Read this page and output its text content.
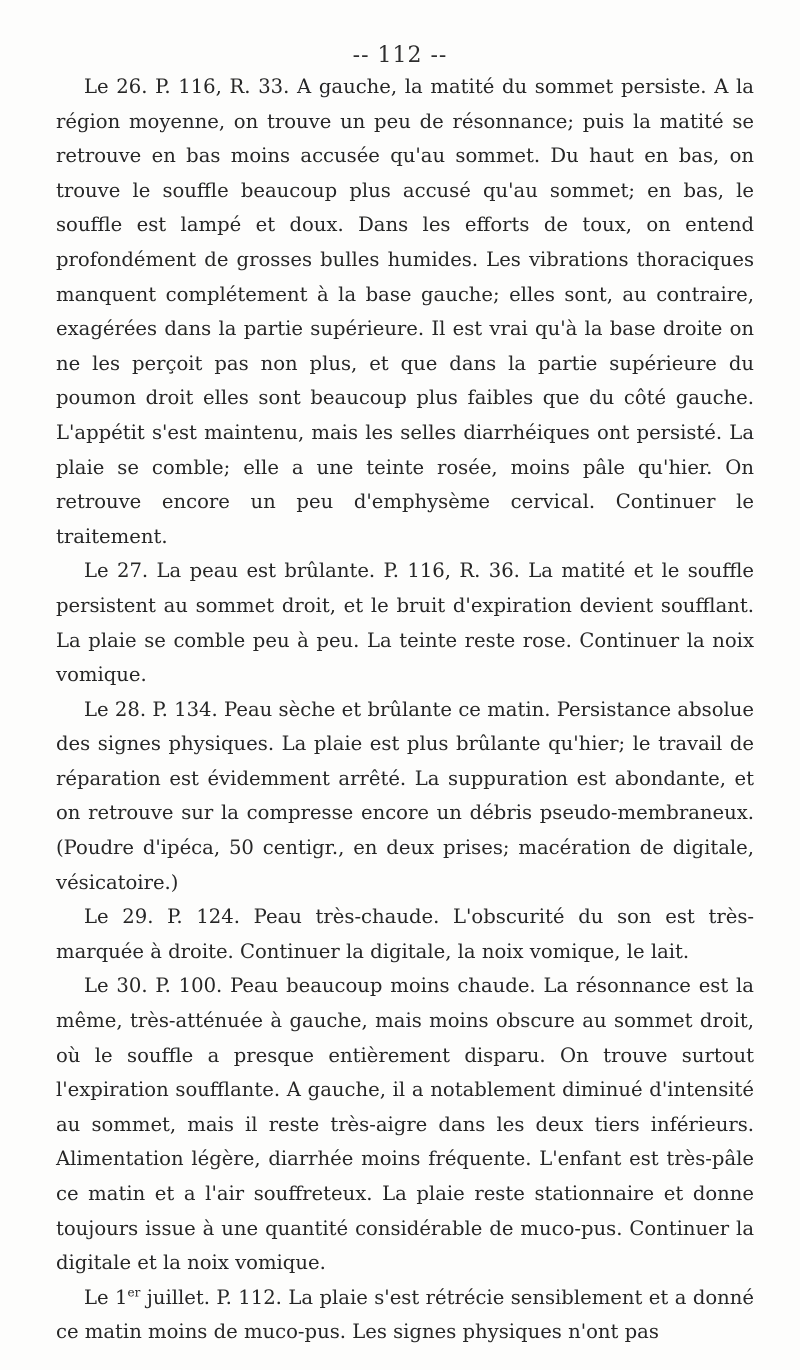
-- 112 --

Le 26. P. 116, R. 33. A gauche, la matité du sommet persiste. A la région moyenne, on trouve un peu de résonnance; puis la matité se retrouve en bas moins accusée qu'au sommet. Du haut en bas, on trouve le souffle beaucoup plus accusé qu'au sommet; en bas, le souffle est lampé et doux. Dans les efforts de toux, on entend profondément de grosses bulles humides. Les vibrations thoraciques manquent complétement à la base gauche; elles sont, au contraire, exagérées dans la partie supérieure. Il est vrai qu'à la base droite on ne les perçoit pas non plus, et que dans la partie supérieure du poumon droit elles sont beaucoup plus faibles que du côté gauche. L'appétit s'est maintenu, mais les selles diarrhéiques ont persisté. La plaie se comble; elle a une teinte rosée, moins pâle qu'hier. On retrouve encore un peu d'emphysème cervical. Continuer le traitement.

Le 27. La peau est brûlante. P. 116, R. 36. La matité et le souffle persistent au sommet droit, et le bruit d'expiration devient soufflant. La plaie se comble peu à peu. La teinte reste rose. Continuer la noix vomique.

Le 28. P. 134. Peau sèche et brûlante ce matin. Persistance absolue des signes physiques. La plaie est plus brûlante qu'hier; le travail de réparation est évidemment arrêté. La suppuration est abondante, et on retrouve sur la compresse encore un débris pseudo-membraneux. (Poudre d'ipéca, 50 centigr., en deux prises; macération de digitale, vésicatoire.)

Le 29. P. 124. Peau très-chaude. L'obscurité du son est trèsmarquée à droite. Continuer la digitale, la noix vomique, le lait.

Le 30. P. 100. Peau beaucoup moins chaude. La résonnance est la même, très-atténuée à gauche, mais moins obscure au sommet droit, où le souffle a presque entièrement disparu. On trouve surtout l'expiration soufflante. A gauche, il a notablement diminué d'intensité au sommet, mais il reste très-aigre dans les deux tiers inférieurs. Alimentation légère, diarrhée moins fréquente. L'enfant est très-pâle ce matin et a l'air souffreteux. La plaie reste stationnaire et donne toujours issue à une quantité considérable de muco-pus. Continuer la digitale et la noix vomique.

Le 1er juillet. P. 112. La plaie s'est rétrécie sensiblement et a donné ce matin moins de muco-pus. Les signes physiques n'ont pas
